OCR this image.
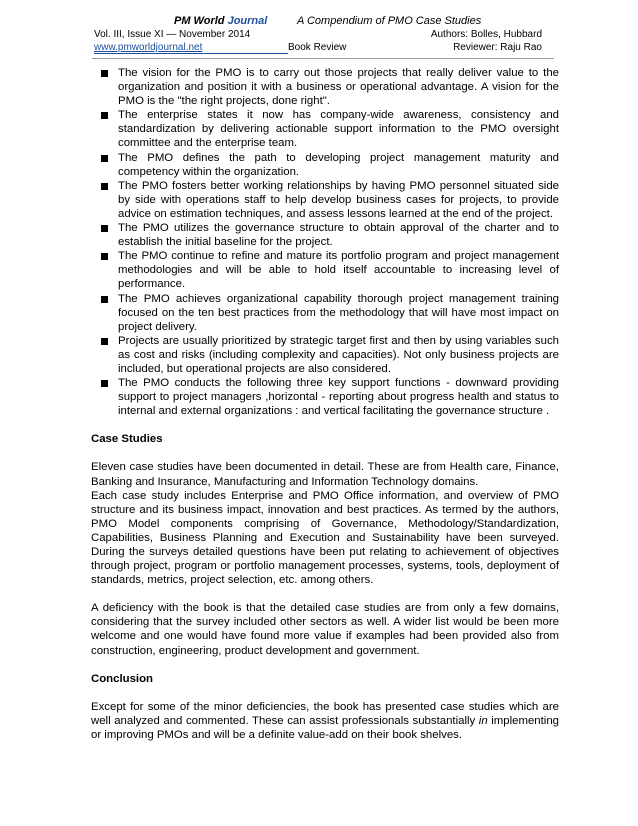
PM World Journal	A Compendium of PMO Case Studies
Vol. III, Issue XI — November 2014	Authors: Bolles, Hubbard
www.pmworldjournal.net	Book Review	Reviewer: Raju Rao
The vision for the PMO is to carry out those projects that really deliver value to the organization and position it with a business or operational advantage. A vision for the PMO is the "the right projects, done right".
The enterprise states it now has company-wide awareness, consistency and standardization by delivering actionable support information to the PMO oversight committee and the enterprise team.
The PMO defines the path to developing project management maturity and competency within the organization.
The PMO fosters better working relationships by having PMO personnel situated side by side with operations staff to help develop business cases for projects, to provide advice on estimation techniques, and assess lessons learned at the end of the project.
The PMO utilizes the governance structure to obtain approval of the charter and to establish the initial baseline for the project.
The PMO continue to refine and mature its portfolio program and project management methodologies and will be able to hold itself accountable to increasing level of performance.
The PMO achieves organizational capability thorough project management training focused on the ten best practices from the methodology that will have most impact on project delivery.
Projects are usually prioritized by strategic target first and then by using variables such as cost and risks (including complexity and capacities). Not only business projects are included, but operational projects are also considered.
The PMO conducts the following three key support functions - downward providing support to project managers ,horizontal - reporting about progress health and status to internal and external organizations : and vertical facilitating the governance structure .
Case Studies

Eleven case studies have been documented in detail. These are from Health care, Finance, Banking and Insurance, Manufacturing and Information Technology domains.

Each case study includes Enterprise and PMO Office information, and overview of PMO structure and its business impact, innovation and best practices. As termed by the authors, PMO Model components comprising of Governance, Methodology/Standardization, Capabilities, Business Planning and Execution and Sustainability have been surveyed. During the surveys detailed questions have been put relating to achievement of objectives through project, program or portfolio management processes, systems, tools, deployment of standards, metrics, project selection, etc. among others.

A deficiency with the book is that the detailed case studies are from only a few domains, considering that the survey included other sectors as well. A wider list would be been more welcome and one would have found more value if examples had been provided also from construction, engineering, product development and government.

Conclusion

Except for some of the minor deficiencies, the book has presented case studies which are well analyzed and commented. These can assist professionals substantially in implementing or improving PMOs and will be a definite value-add on their book shelves.
